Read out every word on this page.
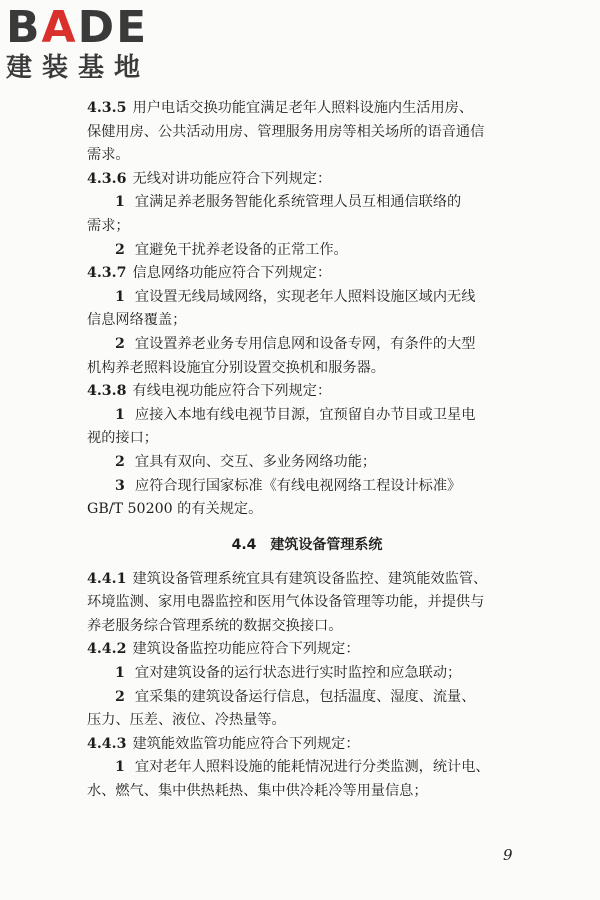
B A DE
建装基地
4.3.5 用户电话交换功能宜满足老年人照料设施内生活用房、
保健用房、公共活动用房、管理服务用房等相关场所的语音通信
需求。
4.3.6 无线对讲功能应符合下列规定：
1 宜满足养老服务智能化系统管理人员互相通信联络的
需求；
2 宜避免干扰养老设备的正常工作。
4.3.7 信息网络功能应符合下列规定：
1 宜设置无线局域网络，实现老年人照料设施区域内无线
信息网络覆盖；
2 宜设置养老业务专用信息网和设备专网，有条件的大型
机构养老照料设施宜分别设置交换机和服务器。
4.3.8 有线电视功能应符合下列规定：
1 应接入本地有线电视节目源，宜预留自办节目或卫星电
视的接口；
2 宜具有双向、交互、多业务网络功能；
3 应符合现行国家标准《有线电视网络工程设计标准》
GB/T 50200 的有关规定。
4.4 建筑设备管理系统
4.4.1 建筑设备管理系统宜具有建筑设备监控、建筑能效监管、
环境监测、家用电器监控和医用气体设备管理等功能，并提供与
养老服务综合管理系统的数据交换接口。
4.4.2 建筑设备监控功能应符合下列规定：
1 宜对建筑设备的运行状态进行实时监控和应急联动；
2 宜采集的建筑设备运行信息，包括温度、湿度、流量、
压力、压差、液位、冷热量等。
4.4.3 建筑能效监管功能应符合下列规定：
1 宜对老年人照料设施的能耗情况进行分类监测，统计电、
水、燃气、集中供热耗热、集中供冷耗冷等用量信息；
9
